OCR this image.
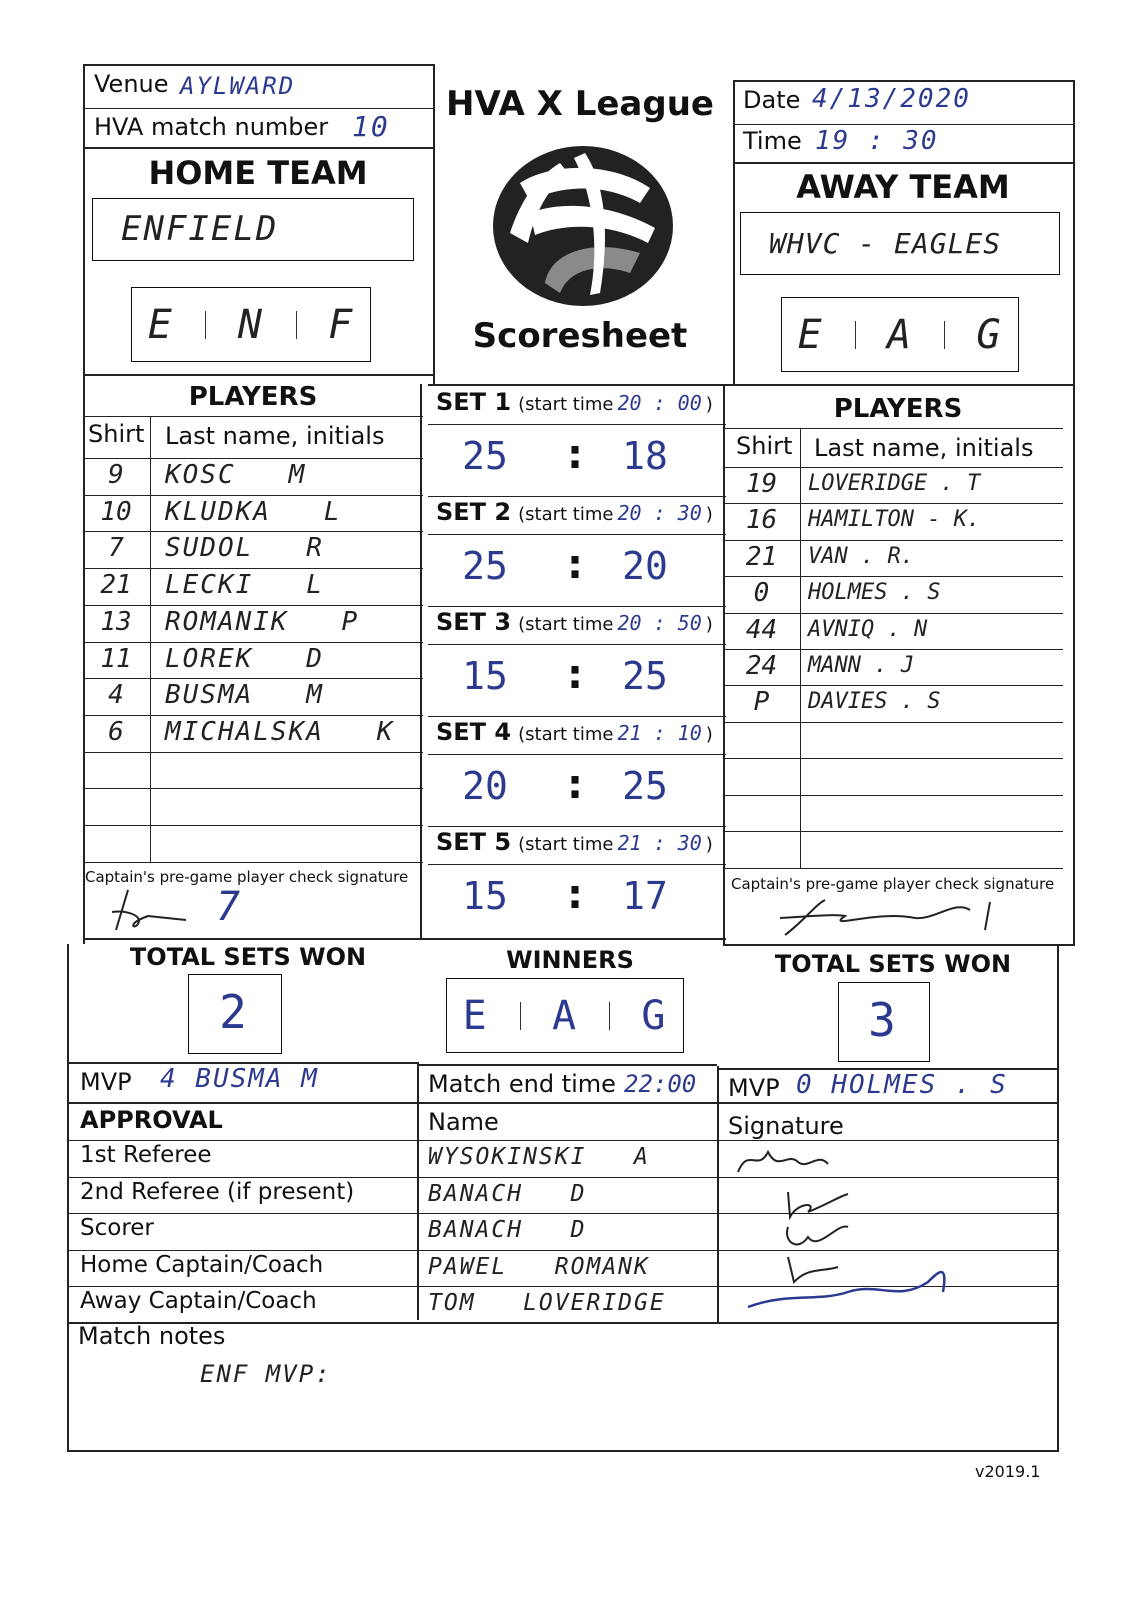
Venue AYLWARD
HVA match number 10
HOME TEAM
ENFIELD
E N F
HVA X League
Scoresheet
Date 4/13/2020
Time 19 : 30
AWAY TEAM
WHVC - EAGLES
E A G
PLAYERS
Shirt Last name, initials
9	KOSC   M
10	KLUDKA   L
7	SUDOL   R
21	LECKI   L
13	ROMANIK   P
11	LOREK   D
4	BUSMA   M
6	MICHALSKA   K
Captain's pre-game player check signature
7
PLAYERS
Shirt Last name, initials
19	LOVERIDGE . T
16	HAMILTON - K.
21	VAN . R.
0	HOLMES . S
44	AVNIQ . N
24	MANN . J
P	DAVIES . S
Captain's pre-game player check signature
SET 1 (start time 20 : 00 )
25	:	18
SET 2 (start time 20 : 30 )
25	:	20
SET 3 (start time 20 : 50 )
15	:	25
SET 4 (start time 21 : 10 )
20	:	25
SET 5 (start time 21 : 30 )
15	:	17
TOTAL SETS WON
2
WINNERS
E A G
TOTAL SETS WON
3
MVP 4 BUSMA M	Match end time 22:00 MVP 0 HOLMES . S
APPROVAL	Name	Signature
1st Referee	WYSOKINSKI   A
2nd Referee (if present)	BANACH   D
Scorer	BANACH   D
Home Captain/Coach	PAWEL   ROMANK
Away Captain/Coach	TOM   LOVERIDGE
Match notes
ENF MVP:
v2019.1
